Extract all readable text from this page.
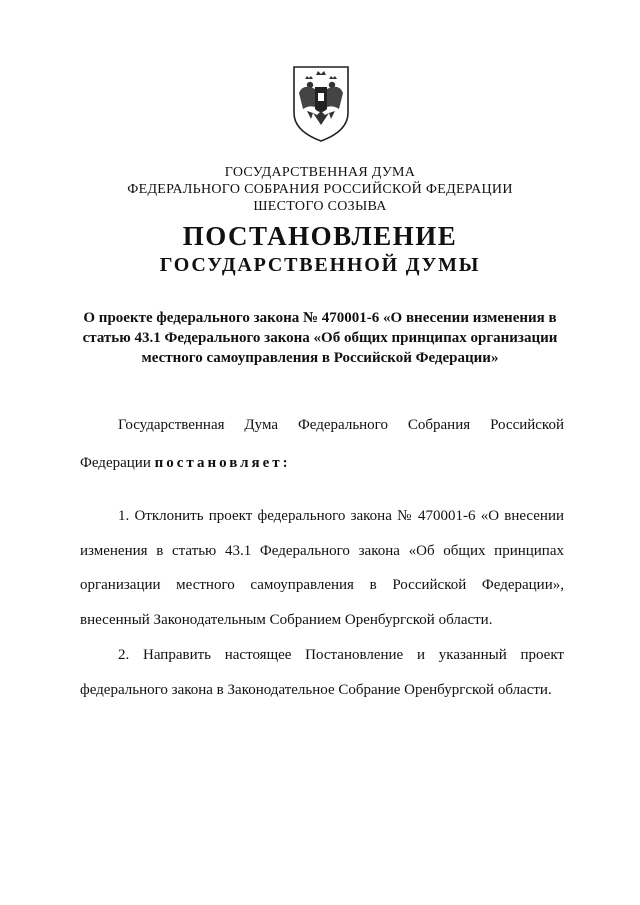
ГОСУДАРСТВЕННАЯ ДУМА
ФЕДЕРАЛЬНОГО СОБРАНИЯ РОССИЙСКОЙ ФЕДЕРАЦИИ
ШЕСТОГО СОЗЫВА
ПОСТАНОВЛЕНИЕ
ГОСУДАРСТВЕННОЙ ДУМЫ
О проекте федерального закона № 470001-6 «О внесении изменения в
статью 43.1 Федерального закона «Об общих принципах организации
местного самоуправления в Российской Федерации»
Государственная Дума Федерального Собрания Российской
Федерации постановляет:
1. Отклонить проект федерального закона № 470001-6 «О внесении
изменения в статью 43.1 Федерального закона «Об общих принципах
организации местного самоуправления в Российской Федерации»,
внесенный Законодательным Собранием Оренбургской области.
2. Направить настоящее Постановление и указанный проект
федерального закона в Законодательное Собрание Оренбургской области.
